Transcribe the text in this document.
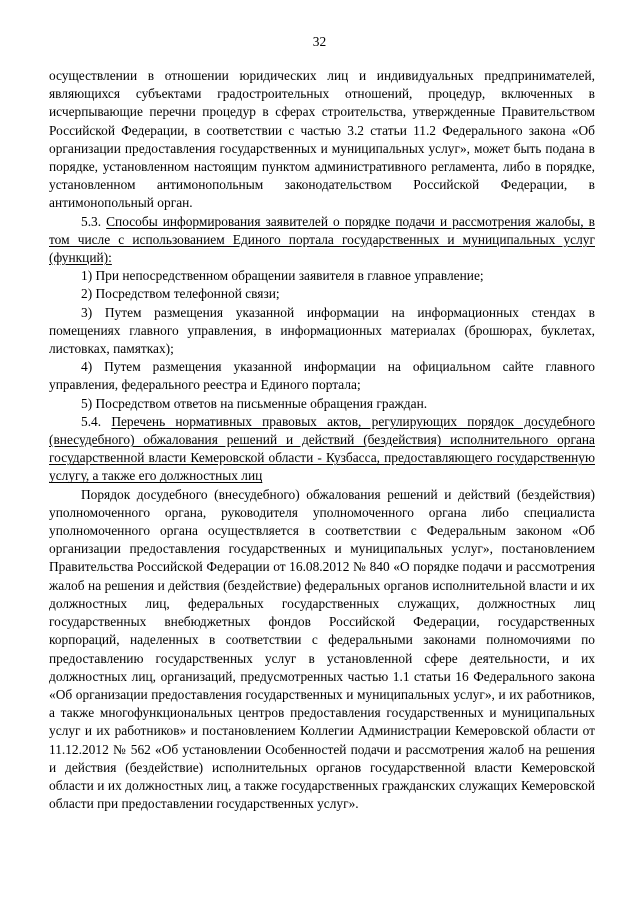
32

осуществлении в отношении юридических лиц и индивидуальных предпринимателей, являющихся субъектами градостроительных отношений, процедур, включенных в исчерпывающие перечни процедур в сферах строительства, утвержденные Правительством Российской Федерации, в соответствии с частью 3.2 статьи 11.2 Федерального закона «Об организации предоставления государственных и муниципальных услуг», может быть подана в порядке, установленном настоящим пунктом административного регламента, либо в порядке, установленном антимонопольным законодательством Российской Федерации, в антимонопольный орган.

5.3. Способы информирования заявителей о порядке подачи и рассмотрения жалобы, в том числе с использованием Единого портала государственных и муниципальных услуг (функций):

1) При непосредственном обращении заявителя в главное управление;

2) Посредством телефонной связи;

3) Путем размещения указанной информации на информационных стендах в помещениях главного управления, в информационных материалах (брошюрах, буклетах, листовках, памятках);

4) Путем размещения указанной информации на официальном сайте главного управления, федерального реестра и Единого портала;

5) Посредством ответов на письменные обращения граждан.

5.4. Перечень нормативных правовых актов, регулирующих порядок досудебного (внесудебного) обжалования решений и действий (бездействия) исполнительного органа государственной власти Кемеровской области - Кузбасса, предоставляющего государственную услугу, а также его должностных лиц

Порядок досудебного (внесудебного) обжалования решений и действий (бездействия) уполномоченного органа, руководителя уполномоченного органа либо специалиста уполномоченного органа осуществляется в соответствии с Федеральным законом «Об организации предоставления государственных и муниципальных услуг», постановлением Правительства Российской Федерации от 16.08.2012 № 840 «О порядке подачи и рассмотрения жалоб на решения и действия (бездействие) федеральных органов исполнительной власти и их должностных лиц, федеральных государственных служащих, должностных лиц государственных внебюджетных фондов Российской Федерации, государственных корпораций, наделенных в соответствии с федеральными законами полномочиями по предоставлению государственных услуг в установленной сфере деятельности, и их должностных лиц, организаций, предусмотренных частью 1.1 статьи 16 Федерального закона «Об организации предоставления государственных и муниципальных услуг», и их работников, а также многофункциональных центров предоставления государственных и муниципальных услуг и их работников» и постановлением Коллегии Администрации Кемеровской области от 11.12.2012 № 562 «Об установлении Особенностей подачи и рассмотрения жалоб на решения и действия (бездействие) исполнительных органов государственной власти Кемеровской области и их должностных лиц, а также государственных гражданских служащих Кемеровской области при предоставлении государственных услуг».
